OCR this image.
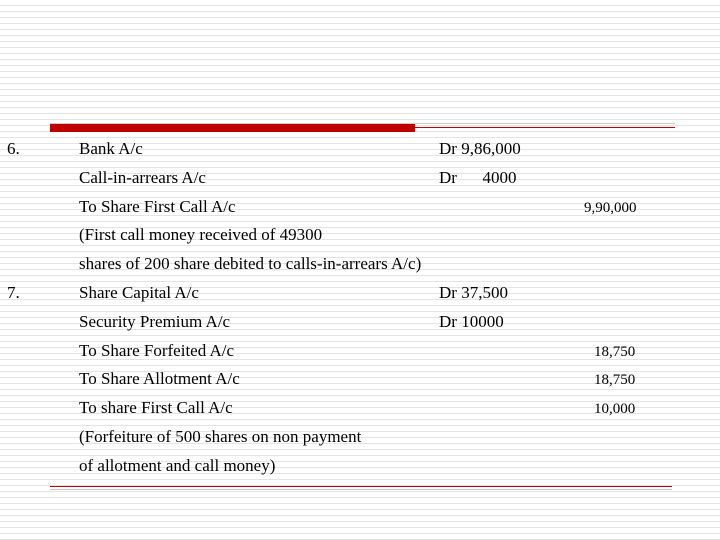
6.	Bank A/c	Dr 9,86,000
Call-in-arrears A/c	Dr      4000
To Share First Call A/c	9,90,000
(First call money received of 49300
shares of 200 share debited to calls-in-arrears A/c)
7.	Share Capital A/c	Dr 37,500
Security Premium A/c	Dr 10000
To Share Forfeited A/c	18,750
To Share Allotment A/c	18,750
To share First Call A/c	10,000
(Forfeiture of 500 shares on non payment
of allotment and call money)
